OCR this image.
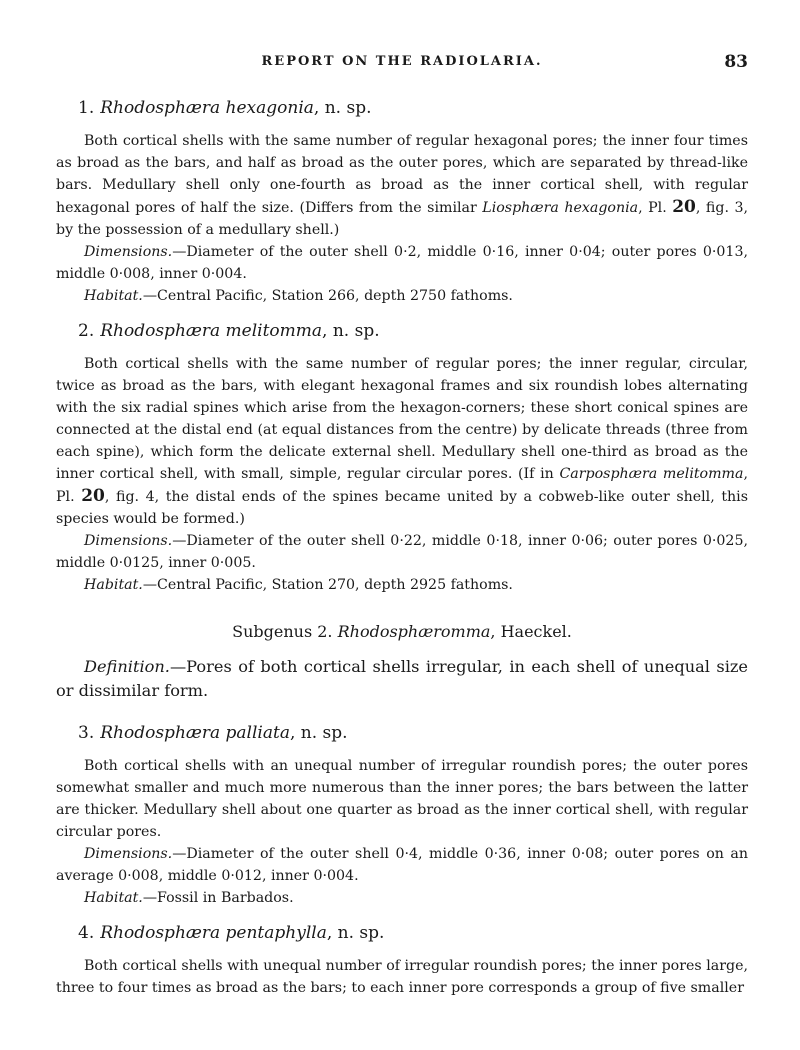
REPORT ON THE RADIOLARIA.	83
1. Rhodosphæra hexagonia, n. sp.

Both cortical shells with the same number of regular hexagonal pores; the inner four times as broad as the bars, and half as broad as the outer pores, which are separated by thread-like bars. Medullary shell only one-fourth as broad as the inner cortical shell, with regular hexagonal pores of half the size. (Differs from the similar Liosphæra hexagonia, Pl. 20, fig. 3, by the possession of a medullary shell.)

Dimensions.—Diameter of the outer shell 0·2, middle 0·16, inner 0·04; outer pores 0·013, middle 0·008, inner 0·004.

Habitat.—Central Pacific, Station 266, depth 2750 fathoms.

2. Rhodosphæra melitomma, n. sp.

Both cortical shells with the same number of regular pores; the inner regular, circular, twice as broad as the bars, with elegant hexagonal frames and six roundish lobes alternating with the six radial spines which arise from the hexagon-corners; these short conical spines are connected at the distal end (at equal distances from the centre) by delicate threads (three from each spine), which form the delicate external shell. Medullary shell one-third as broad as the inner cortical shell, with small, simple, regular circular pores. (If in Carposphæra melitomma, Pl. 20, fig. 4, the distal ends of the spines became united by a cobweb-like outer shell, this species would be formed.)

Dimensions.—Diameter of the outer shell 0·22, middle 0·18, inner 0·06; outer pores 0·025, middle 0·0125, inner 0·005.

Habitat.—Central Pacific, Station 270, depth 2925 fathoms.

Subgenus 2. Rhodosphæromma, Haeckel.

Definition.—Pores of both cortical shells irregular, in each shell of unequal size or dissimilar form.

3. Rhodosphæra palliata, n. sp.

Both cortical shells with an unequal number of irregular roundish pores; the outer pores somewhat smaller and much more numerous than the inner pores; the bars between the latter are thicker. Medullary shell about one quarter as broad as the inner cortical shell, with regular circular pores.

Dimensions.—Diameter of the outer shell 0·4, middle 0·36, inner 0·08; outer pores on an average 0·008, middle 0·012, inner 0·004.

Habitat.—Fossil in Barbados.

4. Rhodosphæra pentaphylla, n. sp.

Both cortical shells with unequal number of irregular roundish pores; the inner pores large, three to four times as broad as the bars; to each inner pore corresponds a group of five smaller
